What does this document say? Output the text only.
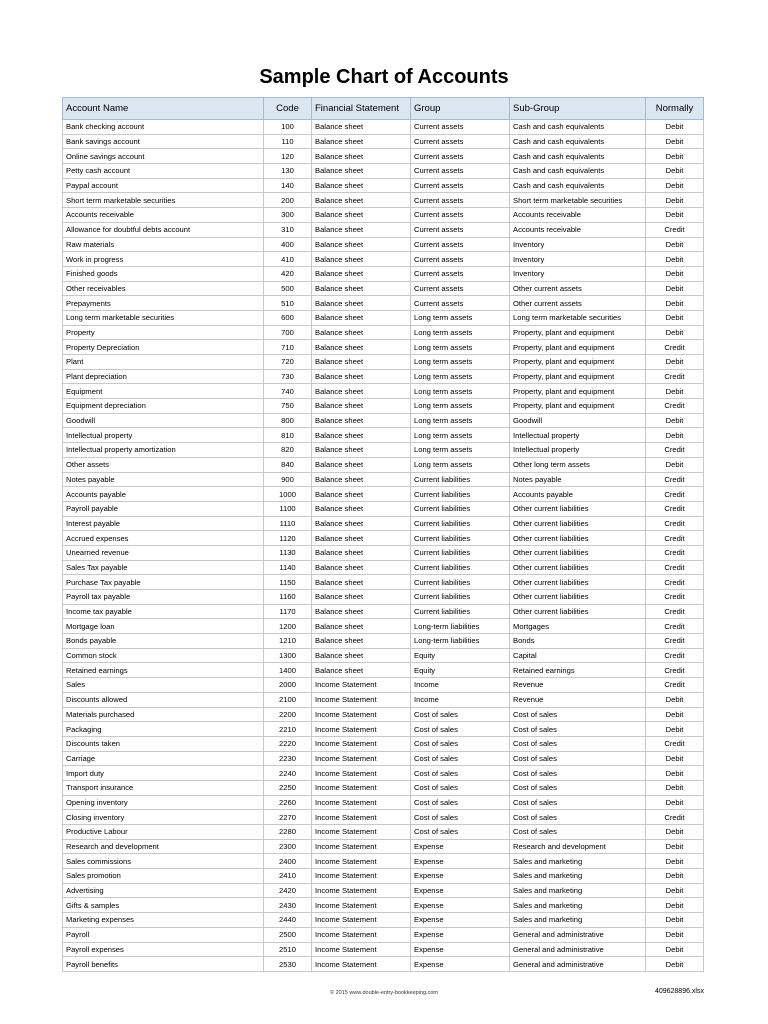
Sample Chart of Accounts
Account Name	Code	Financial Statement	Group	Sub-Group	Normally
Bank checking account	100	Balance sheet	Current assets	Cash and cash equivalents	Debit
Bank savings account	110	Balance sheet	Current assets	Cash and cash equivalents	Debit
Online savings account	120	Balance sheet	Current assets	Cash and cash equivalents	Debit
Petty cash account	130	Balance sheet	Current assets	Cash and cash equivalents	Debit
Paypal account	140	Balance sheet	Current assets	Cash and cash equivalents	Debit
Short term marketable securities	200	Balance sheet	Current assets	Short term marketable securities	Debit
Accounts receivable	300	Balance sheet	Current assets	Accounts receivable	Debit
Allowance for doubtful debts account	310	Balance sheet	Current assets	Accounts receivable	Credit
Raw materials	400	Balance sheet	Current assets	Inventory	Debit
Work in progress	410	Balance sheet	Current assets	Inventory	Debit
Finished goods	420	Balance sheet	Current assets	Inventory	Debit
Other receivables	500	Balance sheet	Current assets	Other current assets	Debit
Prepayments	510	Balance sheet	Current assets	Other current assets	Debit
Long term marketable securities	600	Balance sheet	Long term assets	Long term marketable securities	Debit
Property	700	Balance sheet	Long term assets	Property, plant and equipment	Debit
Property Depreciation	710	Balance sheet	Long term assets	Property, plant and equipment	Credit
Plant	720	Balance sheet	Long term assets	Property, plant and equipment	Debit
Plant depreciation	730	Balance sheet	Long term assets	Property, plant and equipment	Credit
Equipment	740	Balance sheet	Long term assets	Property, plant and equipment	Debit
Equipment depreciation	750	Balance sheet	Long term assets	Property, plant and equipment	Credit
Goodwill	800	Balance sheet	Long term assets	Goodwill	Debit
Intellectual property	810	Balance sheet	Long term assets	Intellectual property	Debit
Intellectual property amortization	820	Balance sheet	Long term assets	Intellectual property	Credit
Other assets	840	Balance sheet	Long term assets	Other long term assets	Debit
Notes payable	900	Balance sheet	Current liabilities	Notes payable	Credit
Accounts payable	1000	Balance sheet	Current liabilities	Accounts payable	Credit
Payroll payable	1100	Balance sheet	Current liabilities	Other current liabilities	Credit
Interest payable	1110	Balance sheet	Current liabilities	Other current liabilities	Credit
Accrued expenses	1120	Balance sheet	Current liabilities	Other current liabilities	Credit
Unearned revenue	1130	Balance sheet	Current liabilities	Other current liabilities	Credit
Sales Tax payable	1140	Balance sheet	Current liabilities	Other current liabilities	Credit
Purchase Tax payable	1150	Balance sheet	Current liabilities	Other current liabilities	Credit
Payroll tax payable	1160	Balance sheet	Current liabilities	Other current liabilities	Credit
Income tax payable	1170	Balance sheet	Current liabilities	Other current liabilities	Credit
Mortgage loan	1200	Balance sheet	Long-term liabilities	Mortgages	Credit
Bonds payable	1210	Balance sheet	Long-term liabilities	Bonds	Credit
Common stock	1300	Balance sheet	Equity	Capital	Credit
Retained earnings	1400	Balance sheet	Equity	Retained earnings	Credit
Sales	2000	Income Statement	Income	Revenue	Credit
Discounts allowed	2100	Income Statement	Income	Revenue	Debit
Materials purchased	2200	Income Statement	Cost of sales	Cost of sales	Debit
Packaging	2210	Income Statement	Cost of sales	Cost of sales	Debit
Discounts taken	2220	Income Statement	Cost of sales	Cost of sales	Credit
Carriage	2230	Income Statement	Cost of sales	Cost of sales	Debit
Import duty	2240	Income Statement	Cost of sales	Cost of sales	Debit
Transport insurance	2250	Income Statement	Cost of sales	Cost of sales	Debit
Opening inventory	2260	Income Statement	Cost of sales	Cost of sales	Debit
Closing inventory	2270	Income Statement	Cost of sales	Cost of sales	Credit
Productive Labour	2280	Income Statement	Cost of sales	Cost of sales	Debit
Research and development	2300	Income Statement	Expense	Research and development	Debit
Sales commissions	2400	Income Statement	Expense	Sales and marketing	Debit
Sales promotion	2410	Income Statement	Expense	Sales and marketing	Debit
Advertising	2420	Income Statement	Expense	Sales and marketing	Debit
Gifts & samples	2430	Income Statement	Expense	Sales and marketing	Debit
Marketing expenses	2440	Income Statement	Expense	Sales and marketing	Debit
Payroll	2500	Income Statement	Expense	General and administrative	Debit
Payroll expenses	2510	Income Statement	Expense	General and administrative	Debit
Payroll benefits	2530	Income Statement	Expense	General and administrative	Debit
© 2015 www.double-entry-bookkeeping.com	409628896.xlsx
